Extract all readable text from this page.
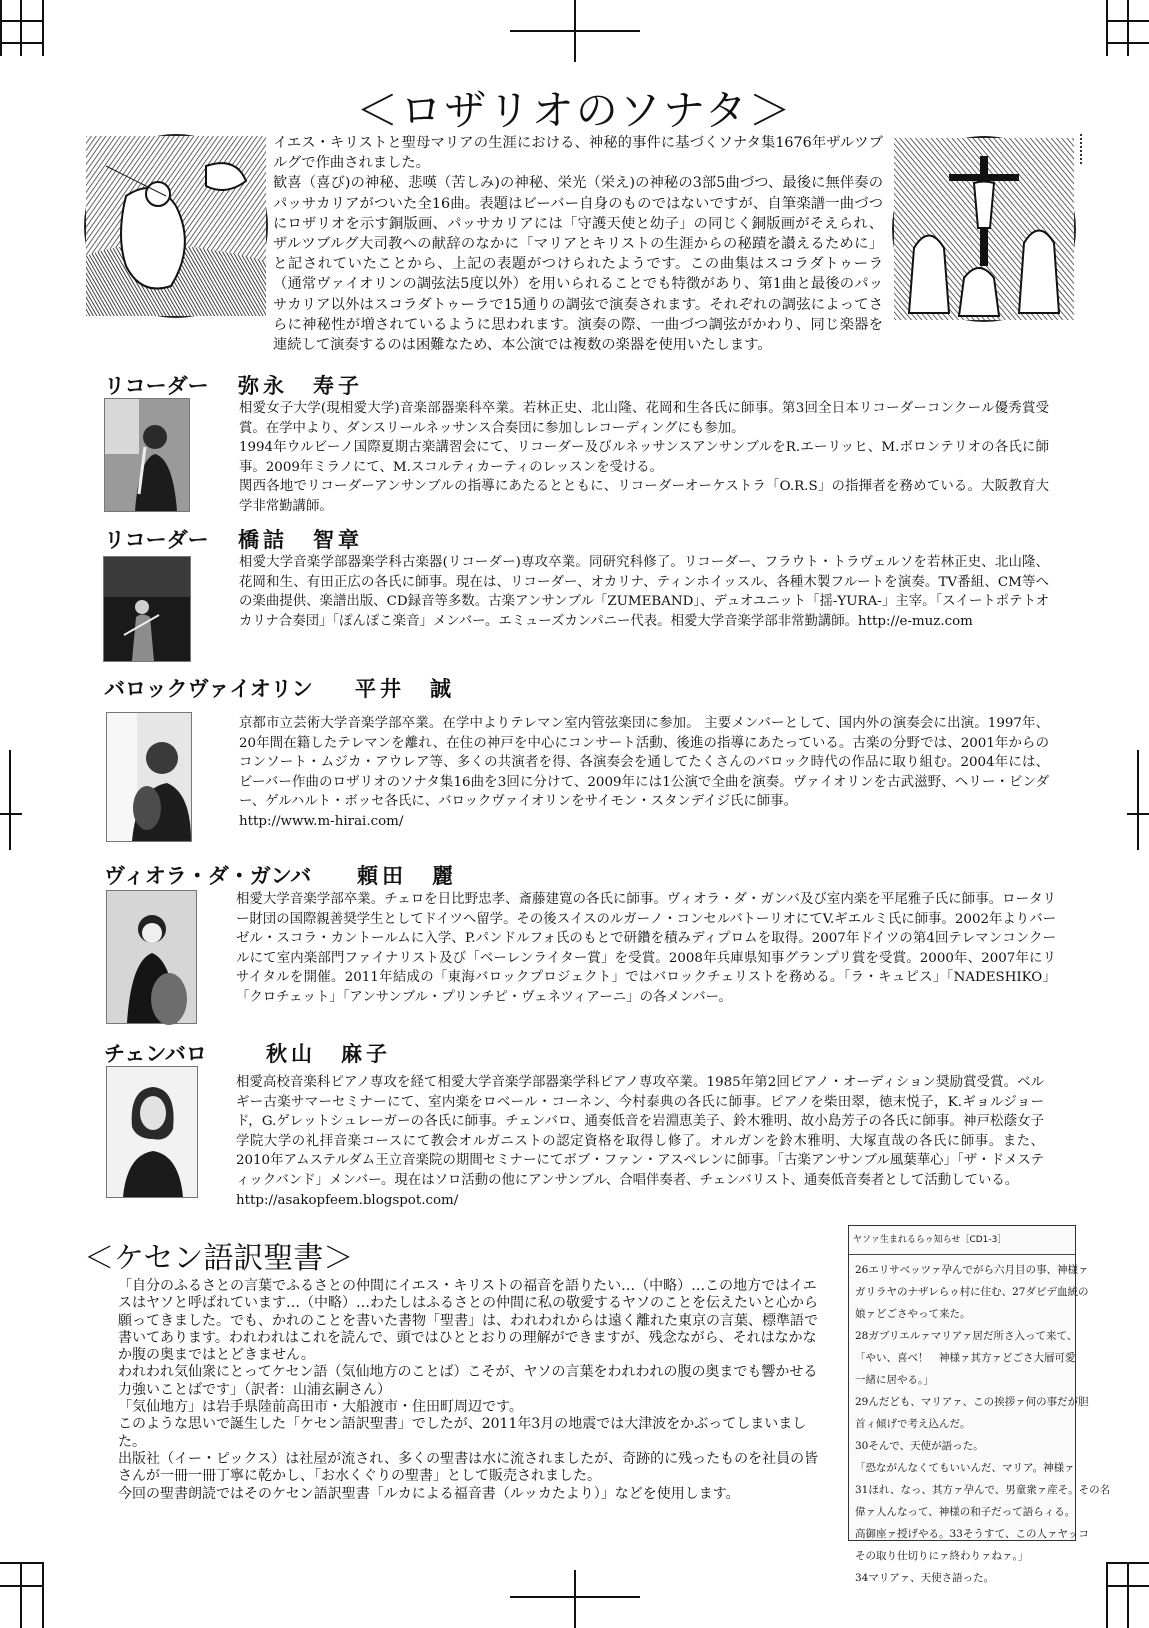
＜ロザリオのソナタ＞

イエス・キリストと聖母マリアの生涯における、神秘的事件に基づくソナタ集1676年ザルツブルグで作曲されました。

歓喜（喜び)の神秘、悲嘆（苦しみ)の神秘、栄光（栄え)の神秘の3部5曲づつ、最後に無伴奏のパッサカリアがついた全16曲。表題はビーバー自身のものではないですが、自筆楽譜一曲づつにロザリオを示す銅版画、パッサカリアには「守護天使と幼子」の同じく銅版画がそえられ、ザルツブルグ大司教への献辞のなかに「マリアとキリストの生涯からの秘蹟を讃えるために」と記されていたことから、上記の表題がつけられたようです。この曲集はスコラダトゥーラ（通常ヴァイオリンの調弦法5度以外）を用いられることでも特徴があり、第1曲と最後のパッサカリア以外はスコラダトゥーラで15通りの調弦で演奏されます。それぞれの調弦によってさらに神秘性が増されているように思われます。演奏の際、一曲づつ調弦がかわり、同じ楽器を連続して演奏するのは困難なため、本公演では複数の楽器を使用いたします。

リコーダー 弥永　寿子

相愛女子大学(現相愛大学)音楽部器楽科卒業。若林正史、北山隆、花岡和生各氏に師事。第3回全日本リコーダーコンクール優秀賞受賞。在学中より、ダンスリールネッサンス合奏団に参加しレコーディングにも参加。

1994年ウルビーノ国際夏期古楽講習会にて、リコーダー及びルネッサンスアンサンブルをR.エーリッヒ、M.ボロンテリオの各氏に師事。2009年ミラノにて、M.スコルティカーティのレッスンを受ける。

関西各地でリコーダーアンサンブルの指導にあたるとともに、リコーダーオーケストラ「O.R.S」の指揮者を務めている。大阪教育大学非常勤講師。

リコーダー 橋詰　智章

相愛大学音楽学部器楽学科古楽器(リコーダー)専攻卒業。同研究科修了。リコーダー、フラウト・トラヴェルソを若林正史、北山隆、花岡和生、有田正広の各氏に師事。現在は、リコーダー、オカリナ、ティンホイッスル、各種木製フルートを演奏。TV番組、CM等への楽曲提供、楽譜出版、CD録音等多数。古楽アンサンブル「ZUMEBAND」、デュオユニット「揺-YURA-」主宰。「スイートポテトオカリナ合奏団」「ぽんぽこ楽音」メンバー。エミューズカンパニー代表。相愛大学音楽学部非常勤講師。http://e-muz.com

バロックヴァイオリン 平井　誠

京都市立芸術大学音楽学部卒業。在学中よりテレマン室内管弦楽団に参加。 主要メンバーとして、国内外の演奏会に出演。1997年、20年間在籍したテレマンを離れ、在住の神戸を中心にコンサート活動、後進の指導にあたっている。古楽の分野では、2001年からのコンソート・ムジカ・アウレア等、多くの共演者を得、各演奏会を通してたくさんのバロック時代の作品に取り組む。2004年には、ビーバー作曲のロザリオのソナタ集16曲を3回に分けて、2009年には1公演で全曲を演奏。ヴァイオリンを古武滋野、ヘリー・ビンダー、ゲルハルト・ボッセ各氏に、バロックヴァイオリンをサイモン・スタンデイジ氏に師事。

http://www.m-hirai.com/

ヴィオラ・ダ・ガンバ 頼田　麗

相愛大学音楽学部卒業。チェロを日比野忠孝、斎藤建寛の各氏に師事。ヴィオラ・ダ・ガンバ及び室内楽を平尾雅子氏に師事。ロータリー財団の国際親善奨学生としてドイツへ留学。その後スイスのルガーノ・コンセルバトーリオにてV.ギエルミ氏に師事。2002年よりバーゼル・スコラ・カントールムに入学、P.パンドルフォ氏のもとで研鑽を積みディプロムを取得。2007年ドイツの第4回テレマンコンクールにて室内楽部門ファイナリスト及び「ベーレンライター賞」を受賞。2008年兵庫県知事グランプリ賞を受賞。2000年、2007年にリサイタルを開催。2011年結成の「東海バロックプロジェクト」ではバロックチェリストを務める。「ラ・キュピス」「NADESHIKO」「クロチェット」「アンサンブル・プリンチピ・ヴェネツィアーニ」の各メンバー。

チェンバロ	秋山　麻子

相愛高校音楽科ピアノ専攻を経て相愛大学音楽学部器楽学科ピアノ専攻卒業。1985年第2回ピアノ・オーディション奨励賞受賞。ベルギー古楽サマーセミナーにて、室内楽をロベール・コーネン、今村泰典の各氏に師事。ピアノを柴田翠，徳末悦子，K.ギョルジョード，G.ゲレットシュレーガーの各氏に師事。チェンバロ、通奏低音を岩淵恵美子、鈴木雅明、故小島芳子の各氏に師事。神戸松蔭女子学院大学の礼拝音楽コースにて教会オルガニストの認定資格を取得し修了。オルガンを鈴木雅明、大塚直哉の各氏に師事。また、2010年アムステルダム王立音楽院の期間セミナーにてボブ・ファン・アスペレンに師事。「古楽アンサンブル風葉華心」「ザ・ドメスティックバンド」メンバー。現在はソロ活動の他にアンサンブル、合唱伴奏者、チェンバリスト、通奏低音奏者として活動している。

http://asakopfeem.blogspot.com/

＜ケセン語訳聖書＞

「自分のふるさとの言葉でふるさとの仲間にイエス・キリストの福音を語りたい…（中略）…この地方ではイエスはヤソと呼ばれています…（中略）…わたしはふるさとの仲間に私の敬愛するヤソのことを伝えたいと心から願ってきました。でも、かれのことを書いた書物「聖書」は、われわれからは遠く離れた東京の言葉、標準語で書いてあります。われわれはこれを読んで、頭ではひととおりの理解ができますが、残念ながら、それはなかなか腹の奥まではとどきません。

われわれ気仙衆にとってケセン語（気仙地方のことば）こそが、ヤソの言葉をわれわれの腹の奥までも響かせる力強いことばです」（訳者：山浦玄嗣さん）

「気仙地方」は岩手県陸前高田市・大船渡市・住田町周辺です。

このような思いで誕生した「ケセン語訳聖書」でしたが、2011年3月の地震では大津波をかぶってしまいました。

出版社（イー・ピックス）は社屋が流され、多くの聖書は水に流されましたが、奇跡的に残ったものを社員の皆さんが一冊一冊丁寧に乾かし、「お水くぐりの聖書」として販売されました。

今回の聖書朗読ではそのケセン語訳聖書「ルカによる福音書（ルッカたより）」などを使用します。

ヤソァ生まれるらゥ知らせ［CD1-3］

26エリサベッツァ孕んでがら六月目の事、神様ァ

ガリラヤのナザレらゥ村に住む、27ダビデ血統の

娘ァどごさやって来た。

28ガブリエルァマリアァ居だ所さ入って来て、

「やい、喜べ！　神様ァ其方ァどごさ大層可愛

一緒に居やる。」

29んだども、マリアァ、この挨拶ァ何の事だが胆

首ィ傾げで考え込んだ。

30そんで、天使が語った。

「恐ながんなくてもいいんだ、マリア。神様ァ

31ほれ、なっ、其方ァ孕んで、男童衆ァ産そ。その名

偉ァ人んなって、神様の和子だって語らィる。

高御座ァ授げやる。33そうすて、この人ァヤッコ

その取り仕切りにァ終わりァねァ。」

34マリアァ、天使さ語った。
